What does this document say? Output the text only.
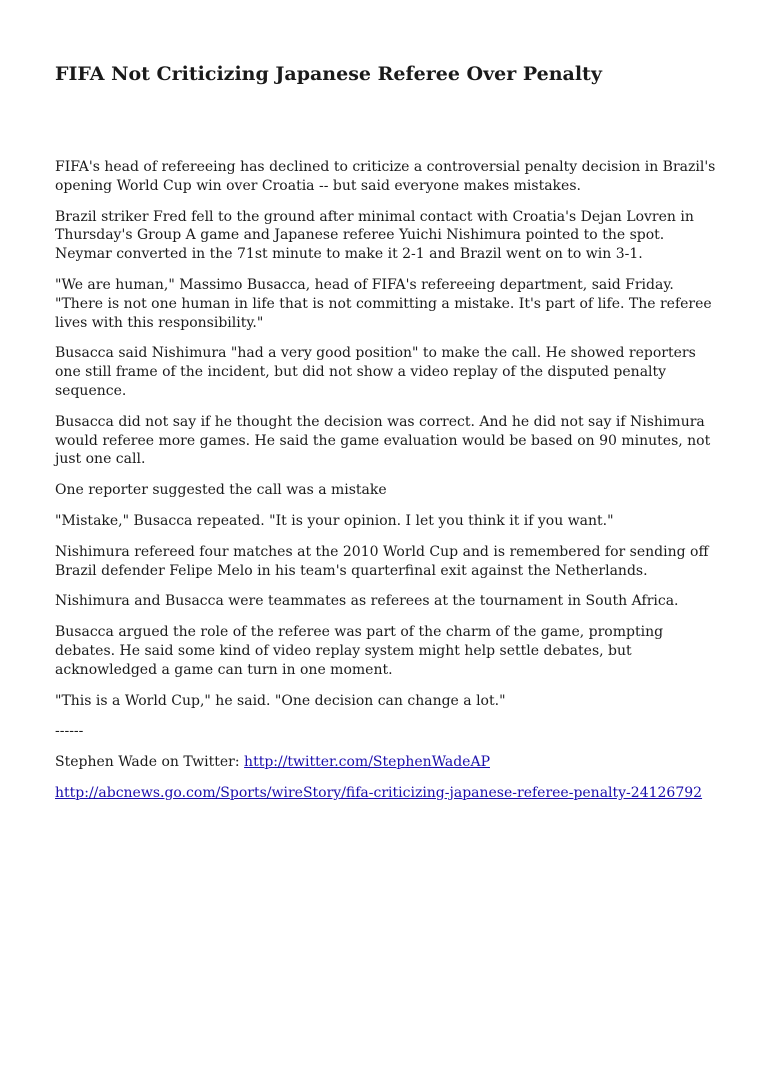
FIFA Not Criticizing Japanese Referee Over Penalty

FIFA's head of refereeing has declined to criticize a controversial penalty decision in Brazil's opening World Cup win over Croatia -- but said everyone makes mistakes.

Brazil striker Fred fell to the ground after minimal contact with Croatia's Dejan Lovren in Thursday's Group A game and Japanese referee Yuichi Nishimura pointed to the spot. Neymar converted in the 71st minute to make it 2-1 and Brazil went on to win 3-1.

"We are human," Massimo Busacca, head of FIFA's refereeing department, said Friday. "There is not one human in life that is not committing a mistake. It's part of life. The referee lives with this responsibility."

Busacca said Nishimura "had a very good position" to make the call. He showed reporters one still frame of the incident, but did not show a video replay of the disputed penalty sequence.

Busacca did not say if he thought the decision was correct. And he did not say if Nishimura would referee more games. He said the game evaluation would be based on 90 minutes, not just one call.

One reporter suggested the call was a mistake

"Mistake," Busacca repeated. "It is your opinion. I let you think it if you want."

Nishimura refereed four matches at the 2010 World Cup and is remembered for sending off Brazil defender Felipe Melo in his team's quarterfinal exit against the Netherlands.

Nishimura and Busacca were teammates as referees at the tournament in South Africa.

Busacca argued the role of the referee was part of the charm of the game, prompting debates. He said some kind of video replay system might help settle debates, but acknowledged a game can turn in one moment.

"This is a World Cup," he said. "One decision can change a lot."

------

Stephen Wade on Twitter: http://twitter.com/StephenWadeAP

http://abcnews.go.com/Sports/wireStory/fifa-criticizing-japanese-referee-penalty-24126792
